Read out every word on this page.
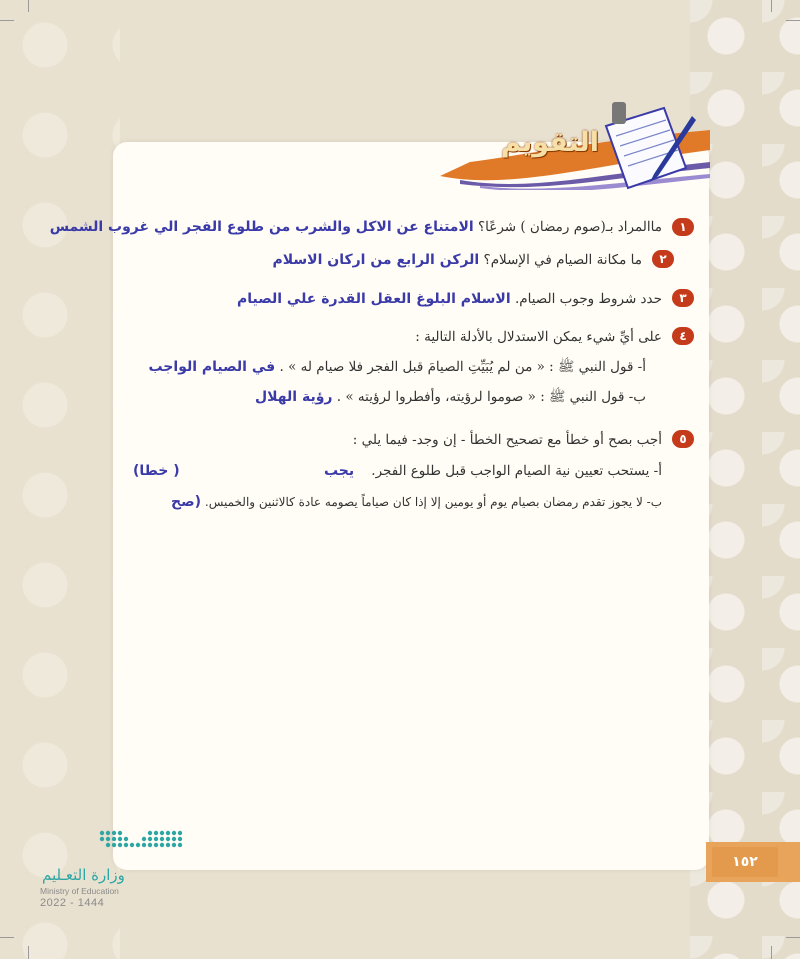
التقويم
١
ماالمراد بـ(صوم رمضان ) شرعًا؟ الامتناع عن الاكل والشرب من طلوع الفجر الي غروب الشمس
٢
ما مكانة الصيام في الإسلام؟ الركن الرابع من اركان الاسلام
٣
حدد شروط وجوب الصيام. الاسلام البلوغ العقل القدرة علي الصيام
٤
على أيِّ شيء يمكن الاستدلال بالأدلة التالية :
أ- قول النبي ﷺ : « من لم يُبَيِّتِ الصيامَ قبل الفجر فلا صيام له » . في الصيام الواجب
ب- قول النبي ﷺ : « صوموا لرؤيته، وأفطروا لرؤيته » . رؤية الهلال
٥
أجب بصح أو خطأ مع تصحيح الخطأ - إن وجد- فيما يلي :
أ- يستحب تعيين نية الصيام الواجب قبل طلوع الفجر.    يجب
( خطا)
ب- لا يجوز تقدم رمضان بصيام يوم أو يومين إلا إذا كان صياماً يصومه عادة كالاثنين والخميس. (صح
١٥٢
وزارة التعـليم
Ministry of Education
2022 - 1444
